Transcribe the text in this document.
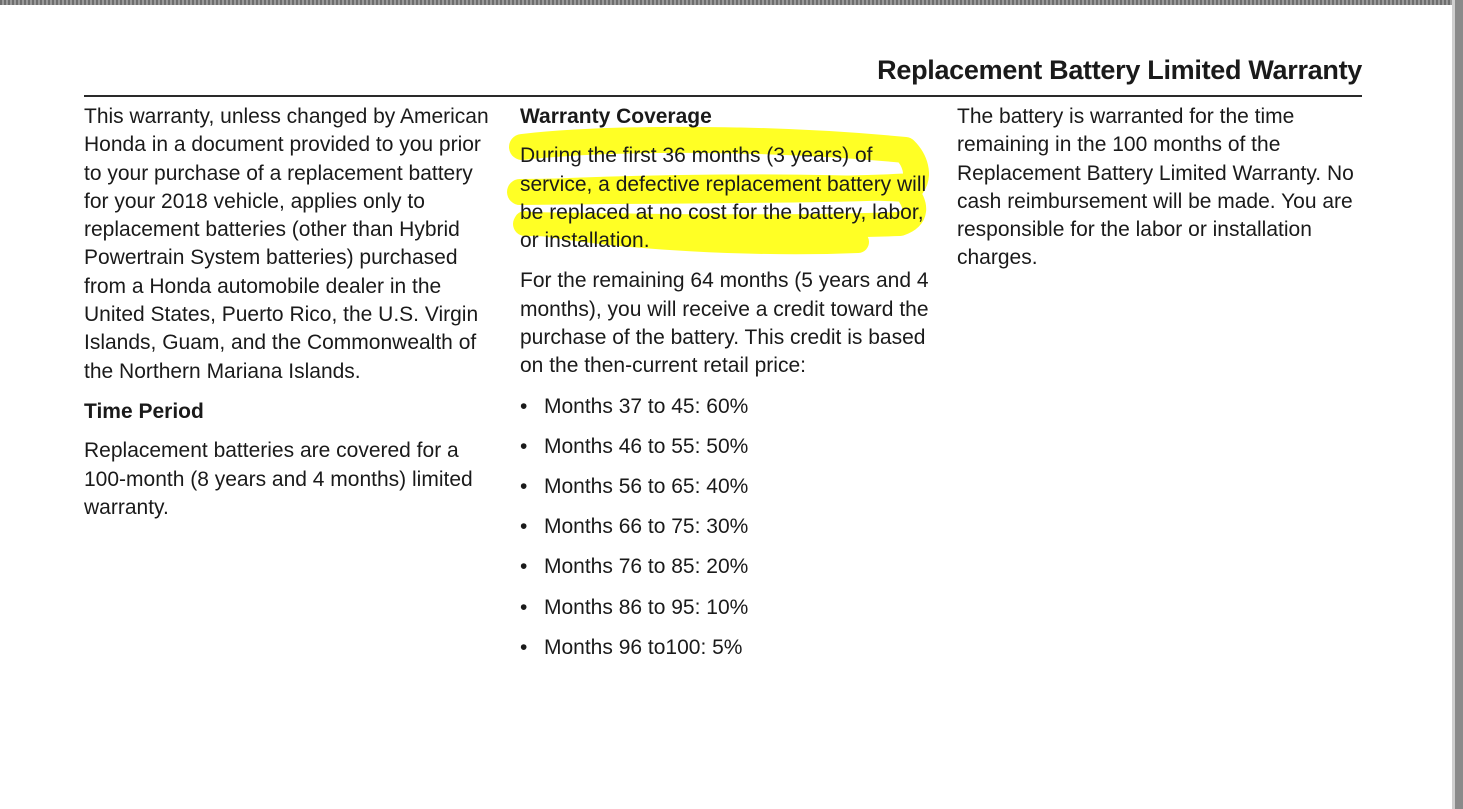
Replacement Battery Limited Warranty

This warranty, unless changed by American Honda in a document provided to you prior to your purchase of a replacement battery for your 2018 vehicle, applies only to replacement batteries (other than Hybrid Powertrain System batteries) purchased from a Honda automobile dealer in the United States, Puerto Rico, the U.S. Virgin Islands, Guam, and the Commonwealth of the Northern Mariana Islands.

Time Period

Replacement batteries are covered for a 100-month (8 years and 4 months) limited warranty.

Warranty Coverage

During the first 36 months (3 years) of service, a defective replacement battery will be replaced at no cost for the battery, labor, or installation.

For the remaining 64 months (5 years and 4 months), you will receive a credit toward the purchase of the battery. This credit is based on the then-current retail price:

• Months 37 to 45: 60%
• Months 46 to 55: 50%
• Months 56 to 65: 40%
• Months 66 to 75: 30%
• Months 76 to 85: 20%
• Months 86 to 95: 10%
• Months 96 to100: 5%

The battery is warranted for the time remaining in the 100 months of the Replacement Battery Limited Warranty. No cash reimbursement will be made. You are responsible for the labor or installation charges.
